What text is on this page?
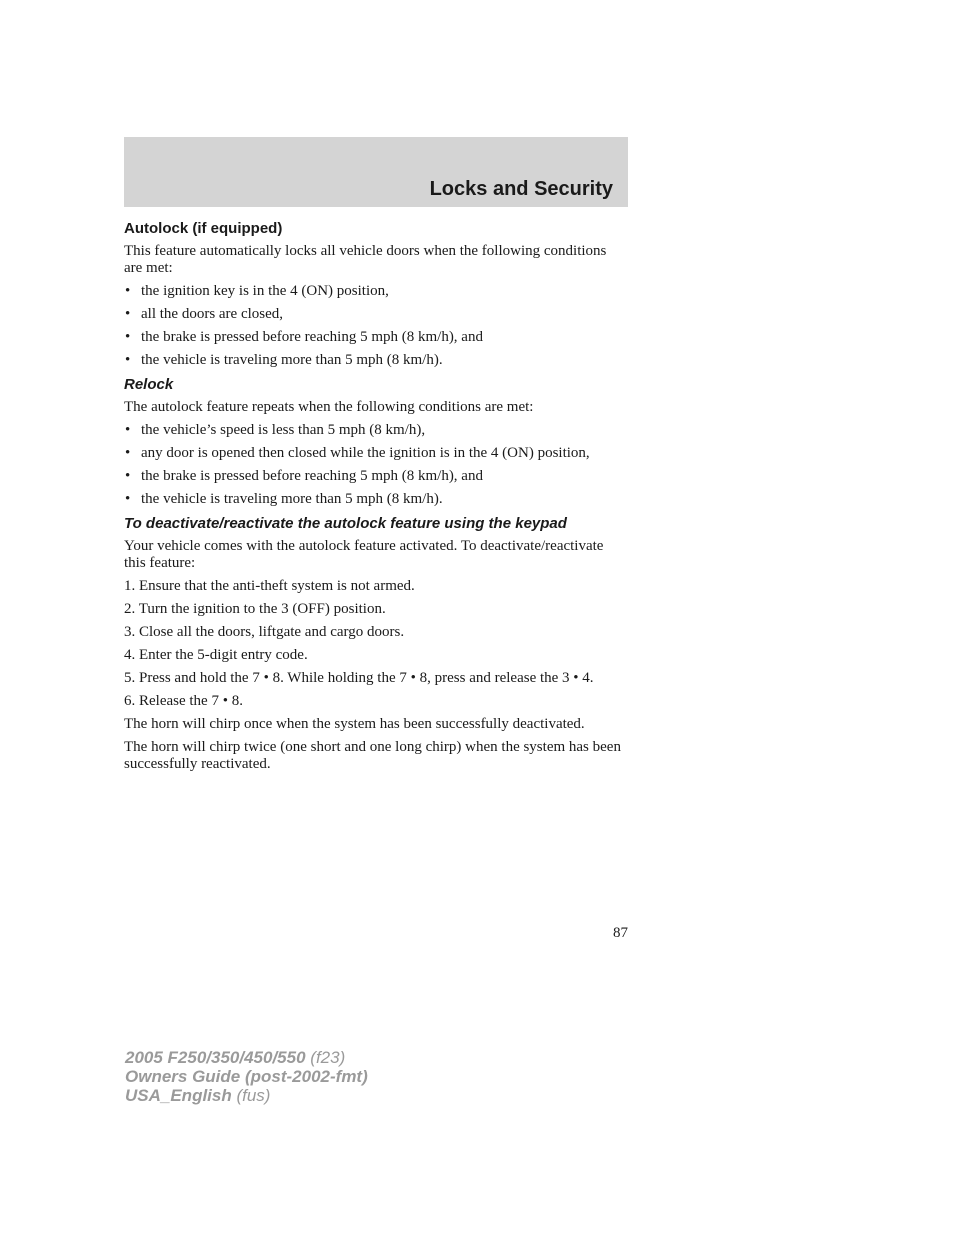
Locks and Security
Autolock (if equipped)

This feature automatically locks all vehicle doors when the following conditions are met:

• the ignition key is in the 4 (ON) position,
• all the doors are closed,
• the brake is pressed before reaching 5 mph (8 km/h), and
• the vehicle is traveling more than 5 mph (8 km/h).
Relock

The autolock feature repeats when the following conditions are met:

• the vehicle’s speed is less than 5 mph (8 km/h),
• any door is opened then closed while the ignition is in the 4 (ON) position,
• the brake is pressed before reaching 5 mph (8 km/h), and
• the vehicle is traveling more than 5 mph (8 km/h).
To deactivate/reactivate the autolock feature using the keypad

Your vehicle comes with the autolock feature activated. To deactivate/reactivate this feature:

1. Ensure that the anti-theft system is not armed.
2. Turn the ignition to the 3 (OFF) position.
3. Close all the doors, liftgate and cargo doors.
4. Enter the 5-digit entry code.
5. Press and hold the 7 • 8. While holding the 7 • 8, press and release the 3 • 4.
6. Release the 7 • 8.

The horn will chirp once when the system has been successfully deactivated.

The horn will chirp twice (one short and one long chirp) when the system has been successfully reactivated.

87
2005 F250/350/450/550 (f23)
Owners Guide (post-2002-fmt)
USA_English (fus)
